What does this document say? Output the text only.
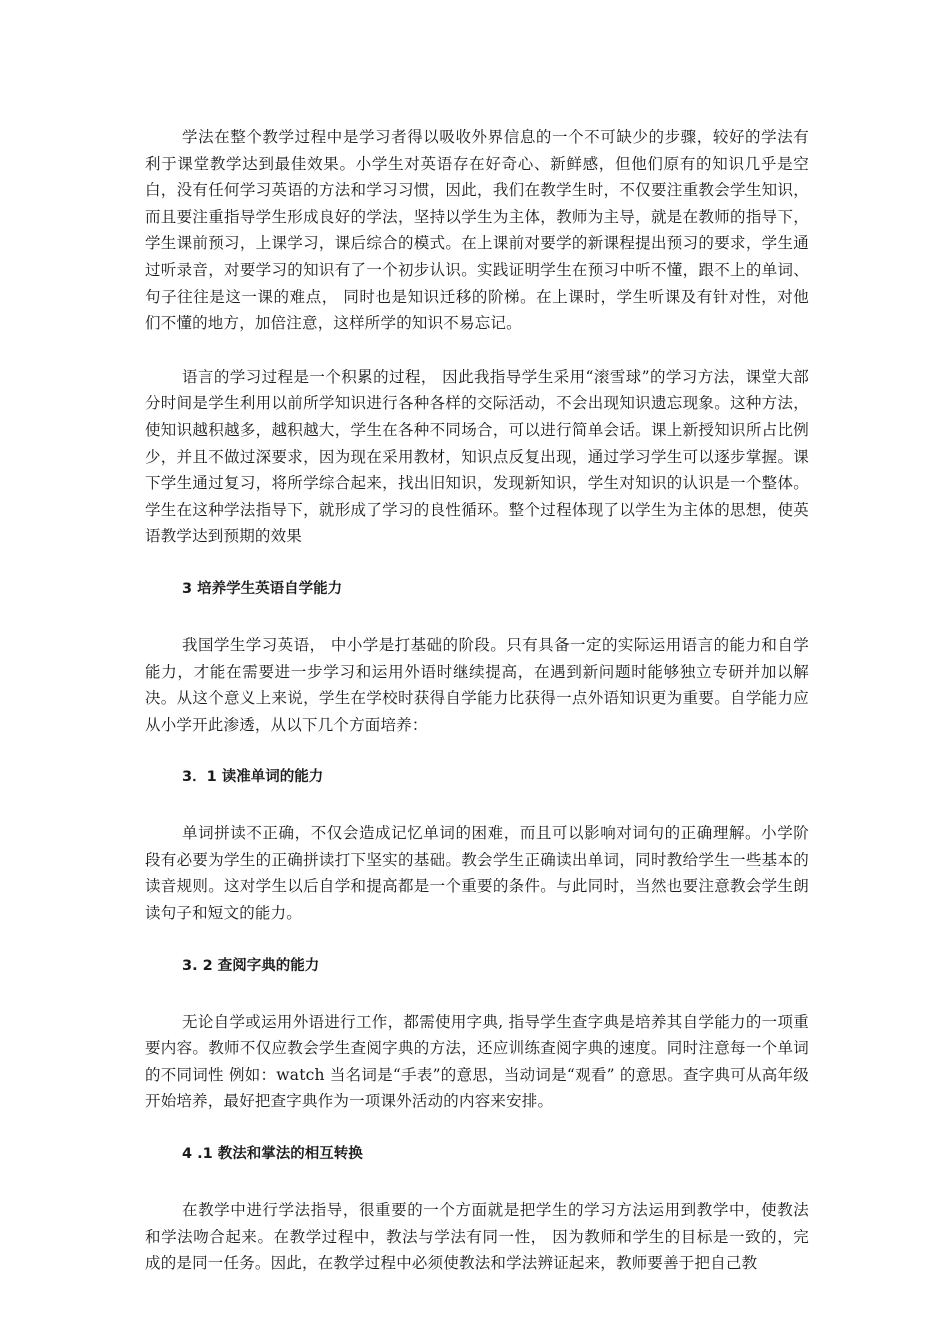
学法在整个教学过程中是学习者得以吸收外界信息的一个不可缺少的步骤，较好的学法有利于课堂教学达到最佳效果。小学生对英语存在好奇心、新鲜感，但他们原有的知识几乎是空白，没有任何学习英语的方法和学习习惯，因此，我们在教学生时，不仅要注重教会学生知识，而且要注重指导学生形成良好的学法，坚持以学生为主体，教师为主导，就是在教师的指导下，学生课前预习，上课学习，课后综合的模式。在上课前对要学的新课程提出预习的要求，学生通过听录音，对要学习的知识有了一个初步认识。实践证明学生在预习中听不懂，跟不上的单词、句子往往是这一课的难点， 同时也是知识迁移的阶梯。在上课时，学生听课及有针对性，对他们不懂的地方，加倍注意，这样所学的知识不易忘记。

语言的学习过程是一个积累的过程， 因此我指导学生采用“滚雪球”的学习方法，课堂大部分时间是学生利用以前所学知识进行各种各样的交际活动，不会出现知识遗忘现象。这种方法，使知识越积越多，越积越大，学生在各种不同场合，可以进行简单会话。课上新授知识所占比例少，并且不做过深要求，因为现在采用教材，知识点反复出现，通过学习学生可以逐步掌握。课下学生通过复习，将所学综合起来，找出旧知识，发现新知识，学生对知识的认识是一个整体。学生在这种学法指导下，就形成了学习的良性循环。整个过程体现了以学生为主体的思想，使英语教学达到预期的效果

3 培养学生英语自学能力

我国学生学习英语， 中小学是打基础的阶段。只有具备一定的实际运用语言的能力和自学能力，才能在需要进一步学习和运用外语时继续提高，在遇到新问题时能够独立专研并加以解决。从这个意义上来说，学生在学校时获得自学能力比获得一点外语知识更为重要。自学能力应从小学开此渗透，从以下几个方面培养：

3．1 读准单词的能力

单词拼读不正确，不仅会造成记忆单词的困难，而且可以影响对词句的正确理解。小学阶段有必要为学生的正确拼读打下坚实的基础。教会学生正确读出单词，同时教给学生一些基本的读音规则。这对学生以后自学和提高都是一个重要的条件。与此同时，当然也要注意教会学生朗读句子和短文的能力。

3. 2 查阅字典的能力

无论自学或运用外语进行工作，都需使用字典, 指导学生查字典是培养其自学能力的一项重要内容。教师不仅应教会学生查阅字典的方法，还应训练查阅字典的速度。同时注意每一个单词的不同词性 例如：watch 当名词是“手表”的意思，当动词是“观看” 的意思。查字典可从高年级开始培养，最好把查字典作为一项课外活动的内容来安排。

4 .1 教法和掌法的相互转换

在教学中进行学法指导，很重要的一个方面就是把学生的学习方法运用到教学中，使教法和学法吻合起来。在教学过程中，教法与学法有同一性， 因为教师和学生的目标是一致的，完成的是同一任务。因此，在教学过程中必须使教法和学法辨证起来，教师要善于把自己教
